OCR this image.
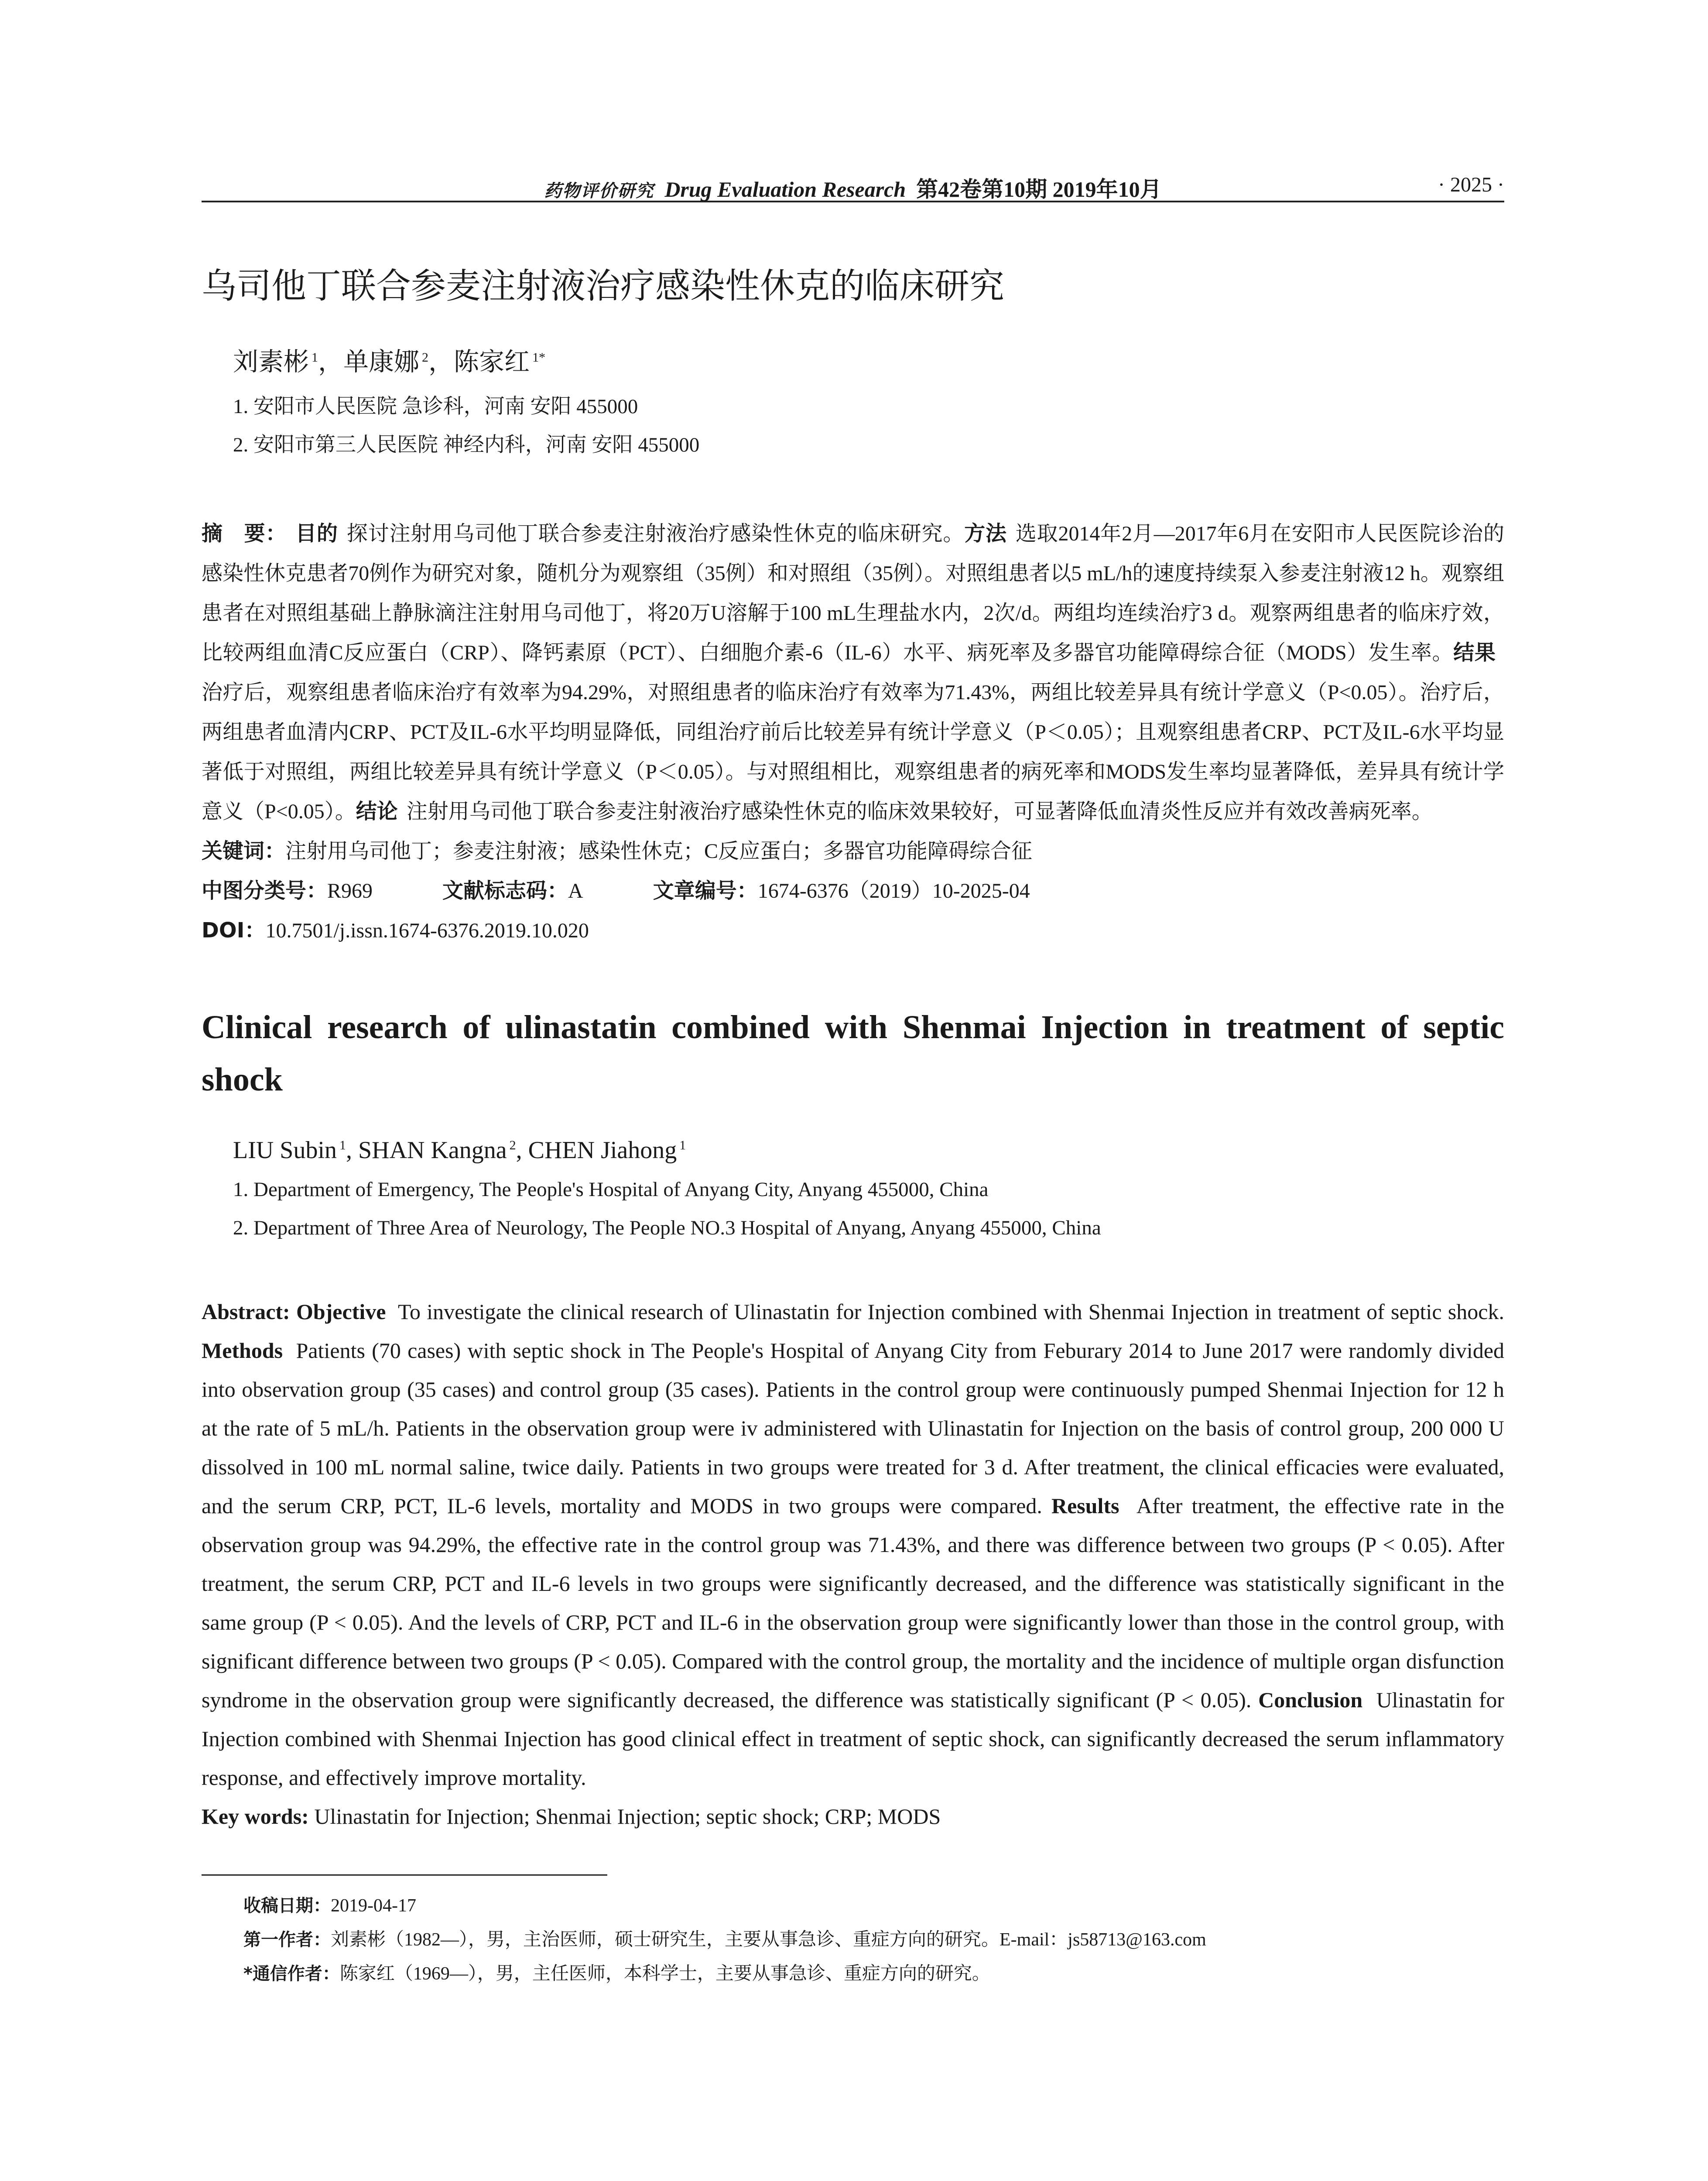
药物评价研究 Drug Evaluation Research 第42卷第10期 2019年10月	· 2025 ·
乌司他丁联合参麦注射液治疗感染性休克的临床研究
刘素彬 $^1$，单康娜 $^2$，陈家红 $^{1*}$
1. 安阳市人民医院 急诊科，河南 安阳 455000
2. 安阳市第三人民医院 神经内科，河南 安阳 455000
摘　要： 目的 探讨注射用乌司他丁联合参麦注射液治疗感染性休克的临床研究。方法 选取2014年2月—2017年6月在安阳市人民医院诊治的感染性休克患者70例作为研究对象，随机分为观察组（35例）和对照组（35例）。对照组患者以5 mL/h的速度持续泵入参麦注射液12 h。观察组患者在对照组基础上静脉滴注注射用乌司他丁，将20万U溶解于100 mL生理盐水内，2次/d。两组均连续治疗3 d。观察两组患者的临床疗效，比较两组血清C反应蛋白（CRP）、降钙素原（PCT）、白细胞介素-6（IL-6）水平、病死率及多器官功能障碍综合征（MODS）发生率。结果治疗后，观察组患者临床治疗有效率为94.29%，对照组患者的临床治疗有效率为71.43%，两组比较差异具有统计学意义（P<0.05）。治疗后，两组患者血清内CRP、PCT及IL-6水平均明显降低，同组治疗前后比较差异有统计学意义（P＜0.05）；且观察组患者CRP、PCT及IL-6水平均显著低于对照组，两组比较差异具有统计学意义（P＜0.05）。与对照组相比，观察组患者的病死率和MODS发生率均显著降低，差异具有统计学意义（P<0.05）。结论 注射用乌司他丁联合参麦注射液治疗感染性休克的临床效果较好，可显著降低血清炎性反应并有效改善病死率。
关键词：注射用乌司他丁；参麦注射液；感染性休克；C反应蛋白；多器官功能障碍综合征
中图分类号：R969	文献标志码：A	文章编号：1674-6376（2019）10-2025-04
DOI：10.7501/j.issn.1674-6376.2019.10.020
Clinical research of ulinastatin combined with Shenmai Injection in treatment of septic shock
LIU Subin $^1$, SHAN Kangna $^2$, CHEN Jiahong $^1$
1. Department of Emergency, The People's Hospital of Anyang City, Anyang 455000, China
2. Department of Three Area of Neurology, The People NO.3 Hospital of Anyang, Anyang 455000, China
Abstract: Objective To investigate the clinical research of Ulinastatin for Injection combined with Shenmai Injection in treatment of septic shock. Methods Patients (70 cases) with septic shock in The People's Hospital of Anyang City from Feburary 2014 to June 2017 were randomly divided into observation group (35 cases) and control group (35 cases). Patients in the control group were continuously pumped Shenmai Injection for 12 h at the rate of 5 mL/h. Patients in the observation group were iv administered with Ulinastatin for Injection on the basis of control group, 200 000 U dissolved in 100 mL normal saline, twice daily. Patients in two groups were treated for 3 d. After treatment, the clinical efficacies were evaluated, and the serum CRP, PCT, IL-6 levels, mortality and MODS in two groups were compared. Results After treatment, the effective rate in the observation group was 94.29%, the effective rate in the control group was 71.43%, and there was difference between two groups (P < 0.05). After treatment, the serum CRP, PCT and IL-6 levels in two groups were significantly decreased, and the difference was statistically significant in the same group (P < 0.05). And the levels of CRP, PCT and IL-6 in the observation group were significantly lower than those in the control group, with significant difference between two groups (P < 0.05). Compared with the control group, the mortality and the incidence of multiple organ disfunction syndrome in the observation group were significantly decreased, the difference was statistically significant (P < 0.05). Conclusion Ulinastatin for Injection combined with Shenmai Injection has good clinical effect in treatment of septic shock, can significantly decreased the serum inflammatory response, and effectively improve mortality.
Key words: Ulinastatin for Injection; Shenmai Injection; septic shock; CRP; MODS
收稿日期：2019-04-17
第一作者：刘素彬（1982—），男，主治医师，硕士研究生，主要从事急诊、重症方向的研究。E-mail：js58713@163.com
*通信作者：陈家红（1969—），男，主任医师，本科学士，主要从事急诊、重症方向的研究。
